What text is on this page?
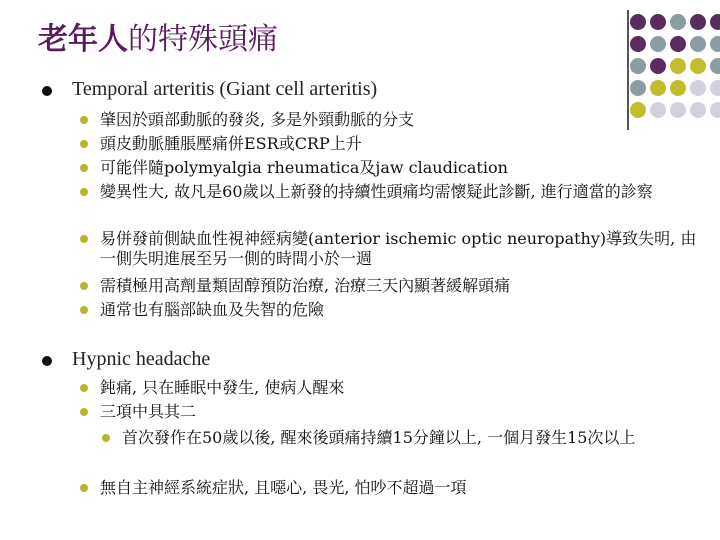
老年人的特殊頭痛
Temporal arteritis (Giant cell arteritis)
肇因於頭部動脈的發炎, 多是外頸動脈的分支
頭皮動脈腫脹壓痛併ESR或CRP上升
可能伴隨polymyalgia rheumatica及jaw claudication
變異性大, 故凡是60歲以上新發的持續性頭痛均需懷疑此診斷, 進行適當的診察
易併發前側缺血性視神經病變(anterior ischemic optic neuropathy)導致失明, 由一側失明進展至另一側的時間小於一週
需積極用高劑量類固醇預防治療, 治療三天內顯著緩解頭痛
通常也有腦部缺血及失智的危險
Hypnic headache
鈍痛, 只在睡眠中發生, 使病人醒來
三項中具其二
首次發作在50歲以後, 醒來後頭痛持續15分鐘以上, 一個月發生15次以上
無自主神經系統症狀, 且噁心, 畏光, 怕吵不超過一項
